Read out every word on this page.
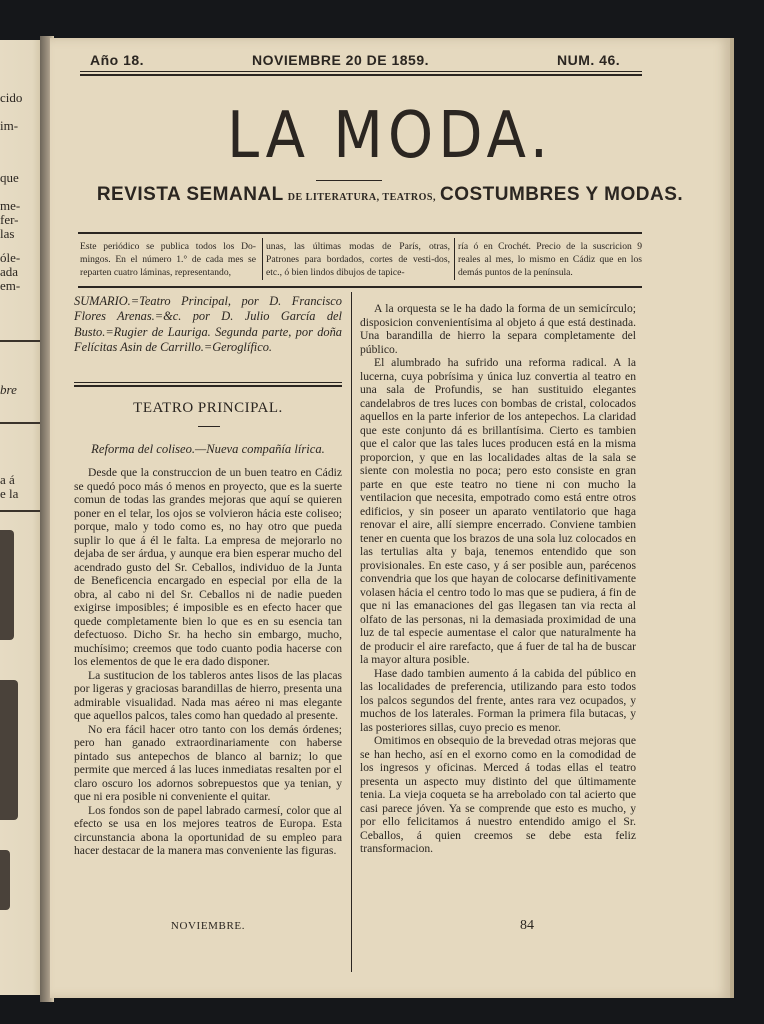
cido
im-
que
me-
fer-
las
óle-
ada
em-
bre
a á
e la
Año 18.	NOVIEMBRE 20 DE 1859.	NUM. 46.
LA MODA.
REVISTA SEMANAL DE LITERATURA, TEATROS, COSTUMBRES Y MODAS.

Este periódico se publica todos los Do-mingos. En el número 1.° de cada mes se reparten cuatro láminas, representando,

unas, las últimas modas de París, otras, Patrones para bordados, cortes de vesti-dos, etc., ó bien lindos dibujos de tapice-

ría ó en Crochét. Precio de la suscricion 9 reales al mes, lo mismo en Cádiz que en los demás puntos de la península.

SUMARIO.=Teatro Principal, por D. Francisco Flores Arenas.=&c. por D. Julio García del Busto.=Rugier de Lauriga. Segunda parte, por doña Felícitas Asin de Carrillo.=Geroglífico.
TEATRO PRINCIPAL.
Reforma del coliseo.—Nueva compañía lírica.

Desde que la construccion de un buen teatro en Cádiz se quedó poco más ó menos en proyecto, que es la suerte comun de todas las grandes mejoras que aquí se quieren poner en el telar, los ojos se volvieron hácia este coliseo; porque, malo y todo como es, no hay otro que pueda suplir lo que á él le falta. La empresa de mejorarlo no dejaba de ser árdua, y aunque era bien esperar mucho del acendrado gusto del Sr. Ceballos, individuo de la Junta de Beneficencia encargado en especial por ella de la obra, al cabo ni del Sr. Ceballos ni de nadie pueden exigirse imposibles; é imposible es en efecto hacer que quede completamente bien lo que es en su esencia tan defectuoso. Dicho Sr. ha hecho sin embargo, mucho, muchísimo; creemos que todo cuanto podia hacerse con los elementos de que le era dado disponer.

La sustitucion de los tableros antes lisos de las placas por ligeras y graciosas barandillas de hierro, presenta una admirable visualidad. Nada mas aéreo ni mas elegante que aquellos palcos, tales como han quedado al presente.

No era fácil hacer otro tanto con los demás órdenes; pero han ganado extraordinariamente con haberse pintado sus antepechos de blanco al barniz; lo que permite que merced á las luces inmediatas resalten por el claro oscuro los adornos sobrepuestos que ya tenian, y que ni era posible ni conveniente el quitar.

Los fondos son de papel labrado carmesí, color que al efecto se usa en los mejores teatros de Europa. Esta circunstancia abona la oportunidad de su empleo para hacer destacar de la manera mas conveniente las figuras.

A la orquesta se le ha dado la forma de un semicírculo; disposicion convenientísima al objeto á que está destinada. Una barandilla de hierro la separa completamente del público.

El alumbrado ha sufrido una reforma radical. A la lucerna, cuya pobrísima y única luz convertia al teatro en una sala de Profundis, se han sustituido elegantes candelabros de tres luces con bombas de cristal, colocados aquellos en la parte inferior de los antepechos. La claridad que este conjunto dá es brillantísima. Cierto es tambien que el calor que las tales luces producen está en la misma proporcion, y que en las localidades altas de la sala se siente con molestia no poca; pero esto consiste en gran parte en que este teatro no tiene ni con mucho la ventilacion que necesita, empotrado como está entre otros edificios, y sin poseer un aparato ventilatorio que haga renovar el aire, allí siempre encerrado. Conviene tambien tener en cuenta que los brazos de una sola luz colocados en las tertulias alta y baja, tenemos entendido que son provisionales. En este caso, y á ser posible aun, parécenos convendria que los que hayan de colocarse definitivamente volasen hácia el centro todo lo mas que se pudiera, á fin de que ni las emanaciones del gas llegasen tan via recta al olfato de las personas, ni la demasiada proximidad de una luz de tal especie aumentase el calor que naturalmente ha de producir el aire rarefacto, que á fuer de tal ha de buscar la mayor altura posible.

Hase dado tambien aumento á la cabida del público en las localidades de preferencia, utilizando para esto todos los palcos segundos del frente, antes rara vez ocupados, y muchos de los laterales. Forman la primera fila butacas, y las posteriores sillas, cuyo precio es menor.

Omitimos en obsequio de la brevedad otras mejoras que se han hecho, así en el exorno como en la comodidad de los ingresos y oficinas. Merced á todas ellas el teatro presenta un aspecto muy distinto del que últimamente tenia. La vieja coqueta se ha arrebolado con tal acierto que casi parece jóven. Ya se comprende que esto es mucho, y por ello felicitamos á nuestro entendido amigo el Sr. Ceballos, á quien creemos se debe esta feliz transformacion.

NOVIEMBRE.	84
